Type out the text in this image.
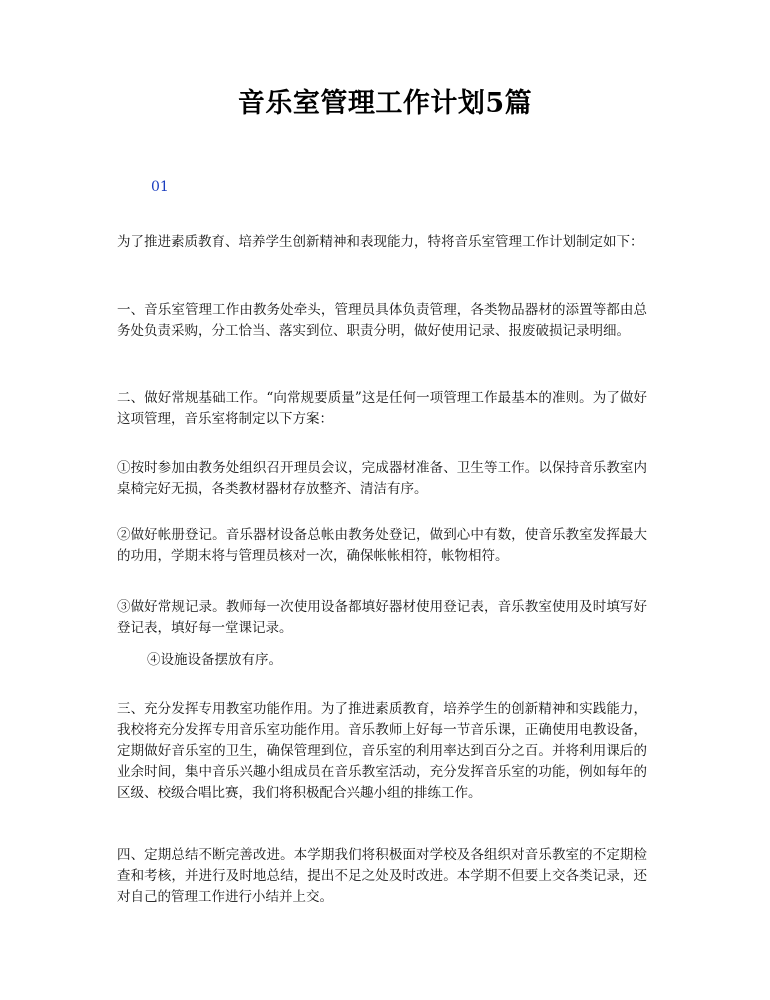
音乐室管理工作计划5篇
01
为了推进素质教育、培养学生创新精神和表现能力，特将音乐室管理工作计划制定如下：
一、音乐室管理工作由教务处牵头，管理员具体负责管理，各类物品器材的添置等都由总务处负责采购，分工恰当、落实到位、职责分明，做好使用记录、报废破损记录明细。
二、做好常规基础工作。“向常规要质量”这是任何一项管理工作最基本的准则。为了做好这项管理，音乐室将制定以下方案：
①按时参加由教务处组织召开理员会议，完成器材准备、卫生等工作。以保持音乐教室内桌椅完好无损，各类教材器材存放整齐、清洁有序。
②做好帐册登记。音乐器材设备总帐由教务处登记，做到心中有数，使音乐教室发挥最大的功用，学期末将与管理员核对一次，确保帐帐相符，帐物相符。
③做好常规记录。教师每一次使用设备都填好器材使用登记表，音乐教室使用及时填写好登记表，填好每一堂课记录。
④设施设备摆放有序。
三、充分发挥专用教室功能作用。为了推进素质教育，培养学生的创新精神和实践能力，我校将充分发挥专用音乐室功能作用。音乐教师上好每一节音乐课，正确使用电教设备，定期做好音乐室的卫生，确保管理到位，音乐室的利用率达到百分之百。并将利用课后的业余时间，集中音乐兴趣小组成员在音乐教室活动，充分发挥音乐室的功能，例如每年的区级、校级合唱比赛，我们将积极配合兴趣小组的排练工作。
四、定期总结不断完善改进。本学期我们将积极面对学校及各组织对音乐教室的不定期检查和考核，并进行及时地总结，提出不足之处及时改进。本学期不但要上交各类记录，还对自己的管理工作进行小结并上交。
